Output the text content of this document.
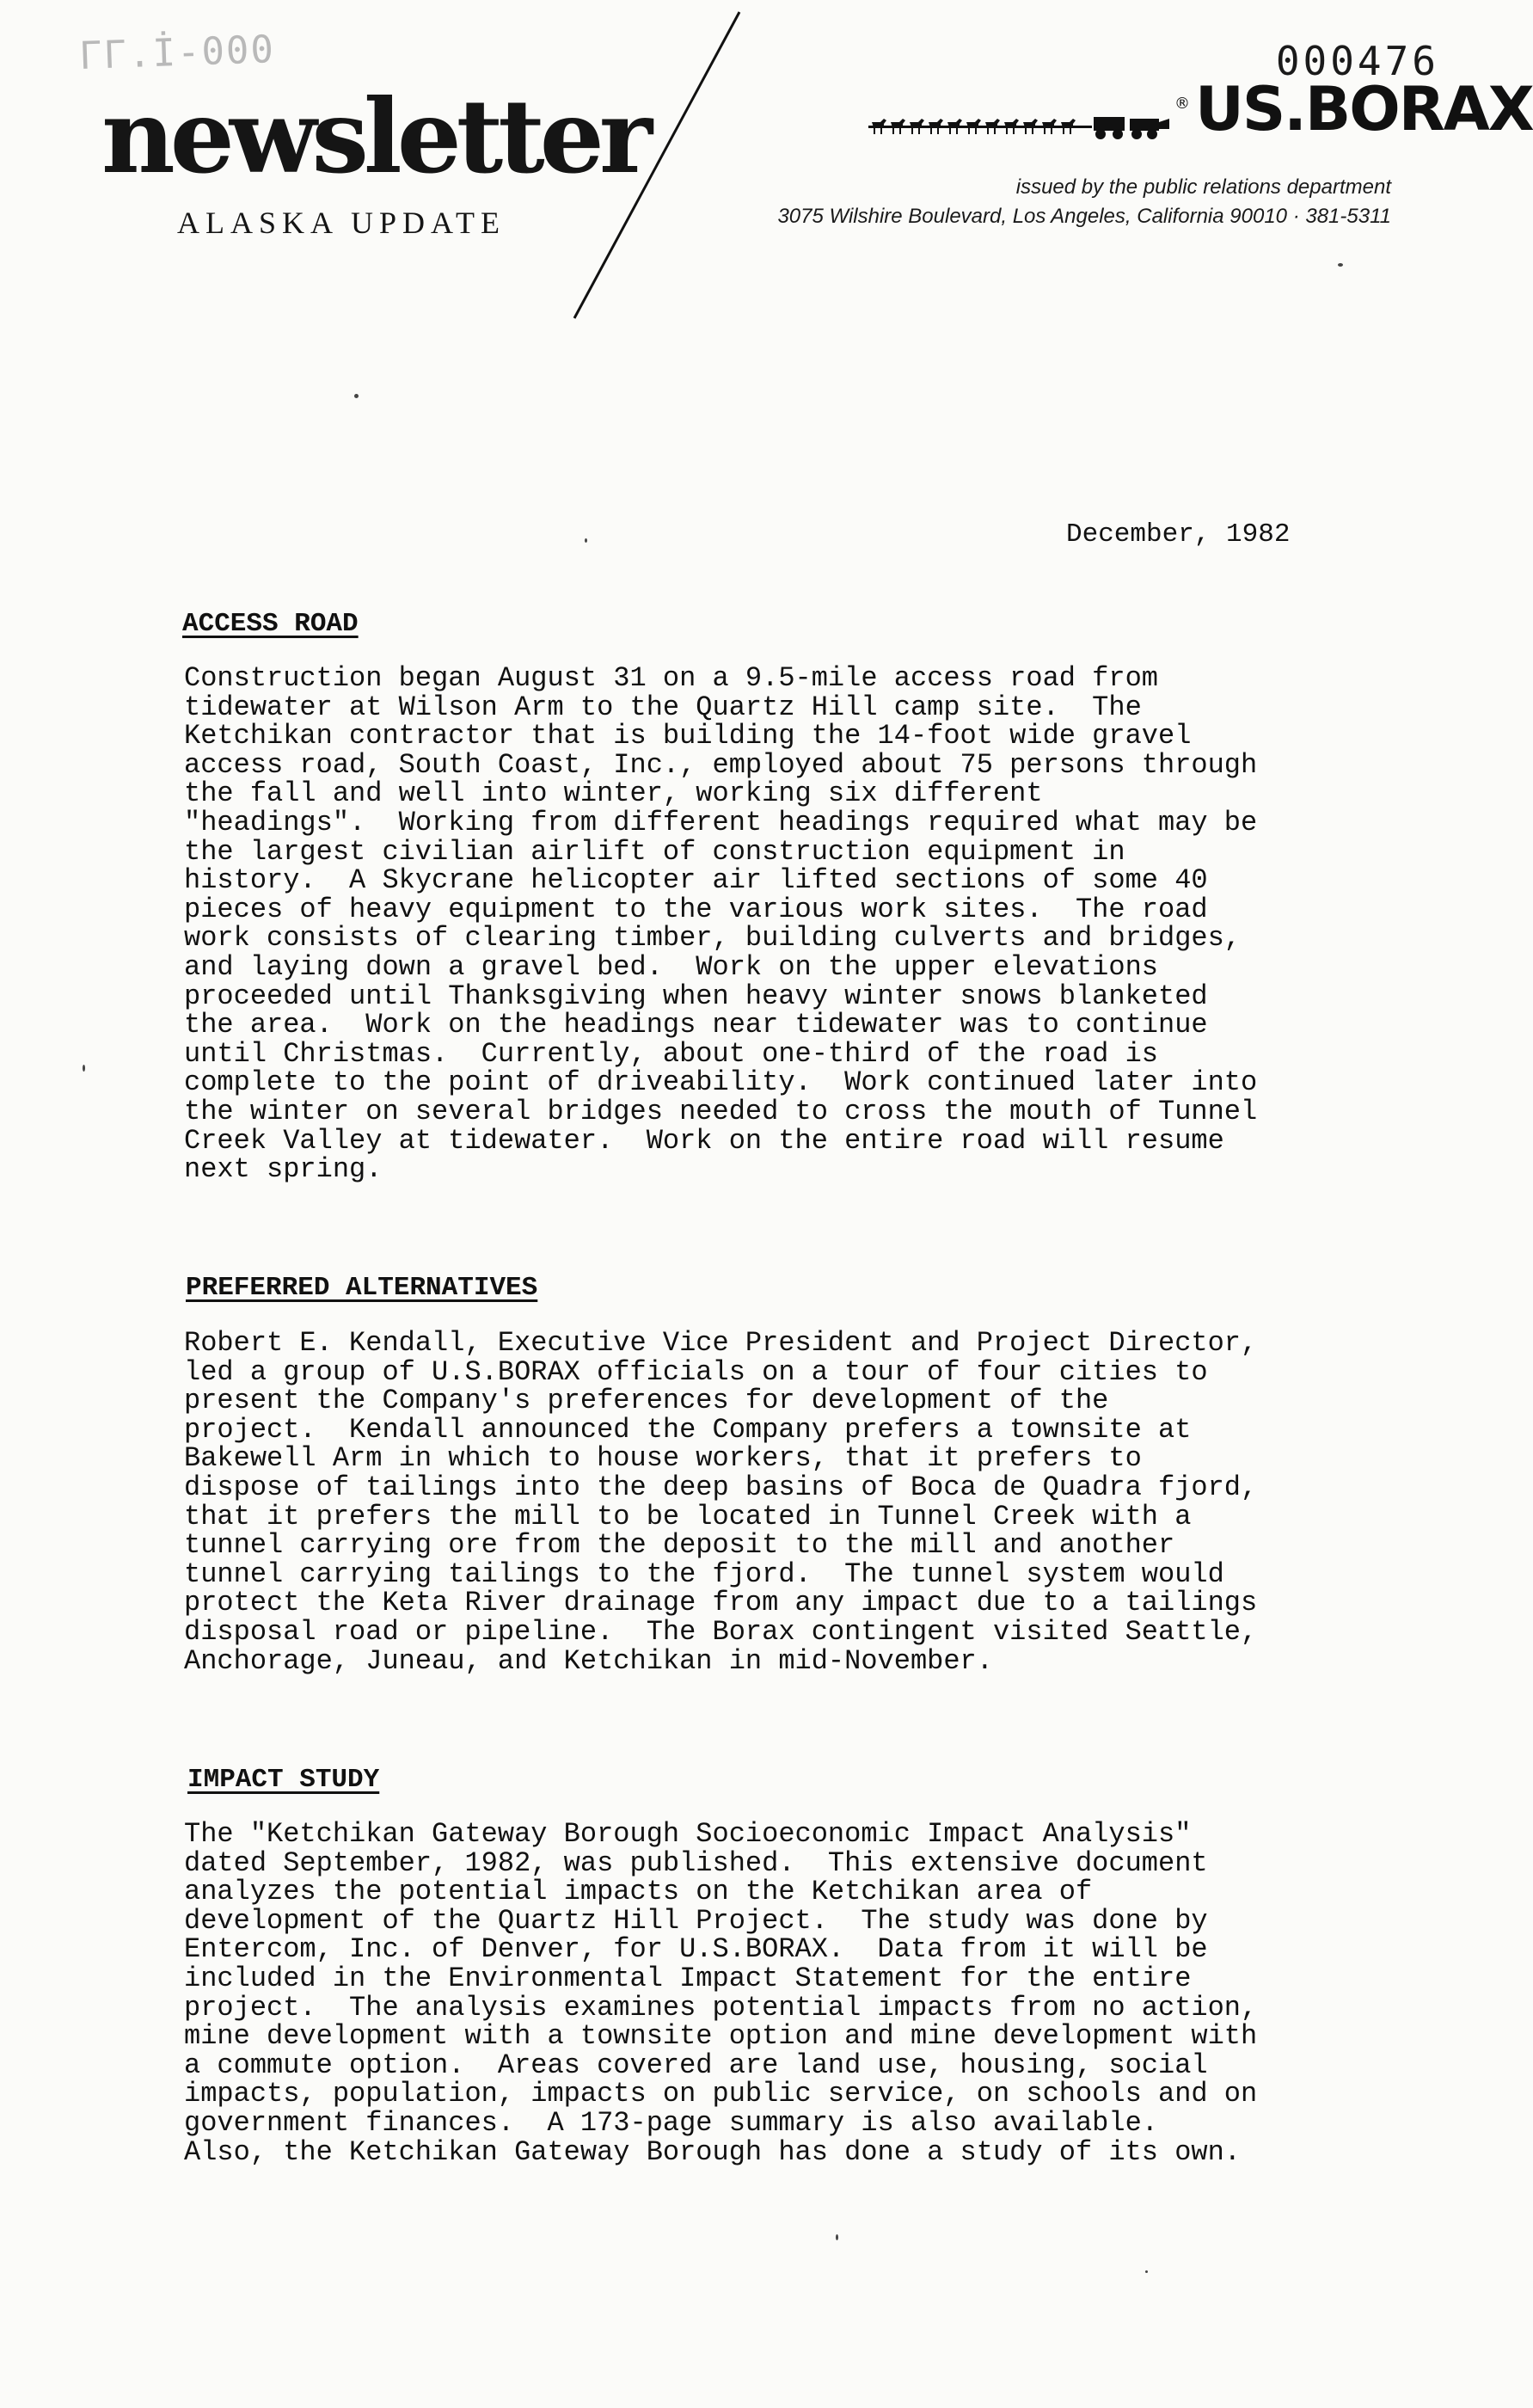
ΓΓ.İ-000	000476
newsletter
ALASKA UPDATE
® US.BORAX
issued by the public relations department
3075 Wilshire Boulevard, Los Angeles, California 90010 · 381-5311
December, 1982
ACCESS ROAD
Construction began August 31 on a 9.5-mile access road from
tidewater at Wilson Arm to the Quartz Hill camp site.  The
Ketchikan contractor that is building the 14-foot wide gravel
access road, South Coast, Inc., employed about 75 persons through
the fall and well into winter, working six different
"headings".  Working from different headings required what may be
the largest civilian airlift of construction equipment in
history.  A Skycrane helicopter air lifted sections of some 40
pieces of heavy equipment to the various work sites.  The road
work consists of clearing timber, building culverts and bridges,
and laying down a gravel bed.  Work on the upper elevations
proceeded until Thanksgiving when heavy winter snows blanketed
the area.  Work on the headings near tidewater was to continue
until Christmas.  Currently, about one-third of the road is
complete to the point of driveability.  Work continued later into
the winter on several bridges needed to cross the mouth of Tunnel
Creek Valley at tidewater.  Work on the entire road will resume
next spring.
PREFERRED ALTERNATIVES
Robert E. Kendall, Executive Vice President and Project Director,
led a group of U.S.BORAX officials on a tour of four cities to
present the Company's preferences for development of the
project.  Kendall announced the Company prefers a townsite at
Bakewell Arm in which to house workers, that it prefers to
dispose of tailings into the deep basins of Boca de Quadra fjord,
that it prefers the mill to be located in Tunnel Creek with a
tunnel carrying ore from the deposit to the mill and another
tunnel carrying tailings to the fjord.  The tunnel system would
protect the Keta River drainage from any impact due to a tailings
disposal road or pipeline.  The Borax contingent visited Seattle,
Anchorage, Juneau, and Ketchikan in mid-November.
IMPACT STUDY
The "Ketchikan Gateway Borough Socioeconomic Impact Analysis"
dated September, 1982, was published.  This extensive document
analyzes the potential impacts on the Ketchikan area of
development of the Quartz Hill Project.  The study was done by
Entercom, Inc. of Denver, for U.S.BORAX.  Data from it will be
included in the Environmental Impact Statement for the entire
project.  The analysis examines potential impacts from no action,
mine development with a townsite option and mine development with
a commute option.  Areas covered are land use, housing, social
impacts, population, impacts on public service, on schools and on
government finances.  A 173-page summary is also available.
Also, the Ketchikan Gateway Borough has done a study of its own.
